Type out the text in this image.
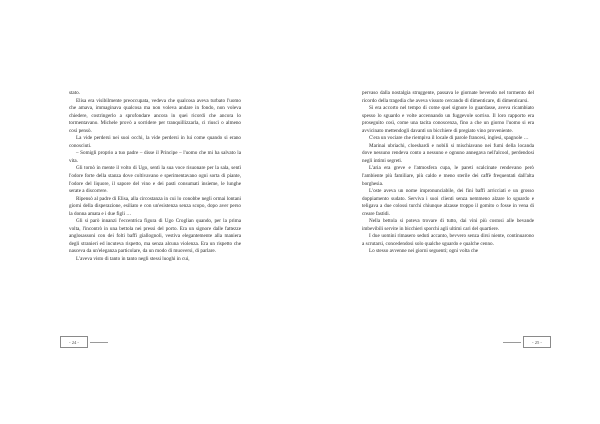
stato.

Elisa era visibilmente preoccupata, vedeva che qualcosa aveva turbato l'uomo che amava, immaginava qualcosa ma non voleva andare in fondo, non voleva chiedere, costringerlo a sprofondare ancora in quei ricordi che ancora lo tormentavano. Michele provò a sorridere per tranquillizzarla, ci riuscì o almeno così pensò.

La vide perdersi nei suoi occhi, la vide perdersi in lui come quando si erano conosciuti.

– Somigli proprio a tuo padre – disse il Principe – l'uomo che mi ha salvato la vita.

Gli tornò in mente il volto di Ugo, sentì la sua voce risuonare per la sala, sentì l'odore forte della stanza dove coltivavano e sperimentavano ogni sorta di piante, l'odore del liquore, il sapore del vino e dei pasti consumati insieme, le lunghe serate a discorrere.

Ripensò al padre di Elisa, alla circostanza in cui lo conobbe negli ormai lontani giorni della disperazione, esiliato e con un'esistenza senza scopo, dopo aver perso la donna amata e i due figli …

Gli si parò innanzi l'eccentrica figura di Ugo Croglian quando, per la prima volta, l'incontrò in una bettola nei pressi del porto. Era un signore dalle fattezze anglosassoni con dei folti baffi giallognoli, vestiva elegantemente alla maniera degli stranieri ed incuteva rispetto, ma senza alcuna violenza. Era un rispetto che nasceva da un'eleganza particolare, da un modo di muoversi, di parlare.

L'aveva visto di tanto in tanto negli stessi luoghi in cui,

pervaso dalla nostalgia struggente, passava le giornate bevendo nel tormento del ricordo della tragedia che aveva vissuto cercando di dimenticare, di dimenticarsi.

Si era accorto nel tempo di come quel signore lo guardasse, aveva ricambiato spesso lo sguardo e volte accennando un fuggevole sorriso. Il loro rapporto era proseguito così, come una tacita conoscenza, fino a che un giorno l'uomo si era avvicinato mettendogli davanti un bicchiere di pregiato vino proveniente.

C'era un vociare che riempiva il locale di parole francesi, inglesi, spagnole …

Marinai ubriachi, cloeshardi e nobili si mischiavano nei fumi della locanda dove nessuno rendeva conto a nessuno e ognuno annegava nell'alcool, perdendosi negli intimi segreti.

L'aria era greve e l'atmosfera cupa, le pareti scalcinate rendevano però l'ambiente più familiare, più caldo e meno sterile dei caffè frequentati dall'alta borghesia.

L'oste aveva un nome impronunciabile, dei fini baffi arricciati e un grosso doppiamento sudato. Serviva i suoi clienti senza nemmeno alzare lo sguardo e teligava a due colossi turchi chiunque alzasse troppo il gomito o fosse in vena di creare fastidi.

Nella bettola si poteva trovare di tutto, dai vini più costosi alle bevande imbevibili servite in bicchieri sporchi agli ultimi cari del quartiere.

I due uomini rimasero seduti accanto, bevvero senza dirsi niente, continuarono a scrutarsi, concedendosi solo qualche sguardo e qualche cenno.

Lo stesso avvenne nei giorni seguenti; ogni volta che

- 24 -	- 25 -
